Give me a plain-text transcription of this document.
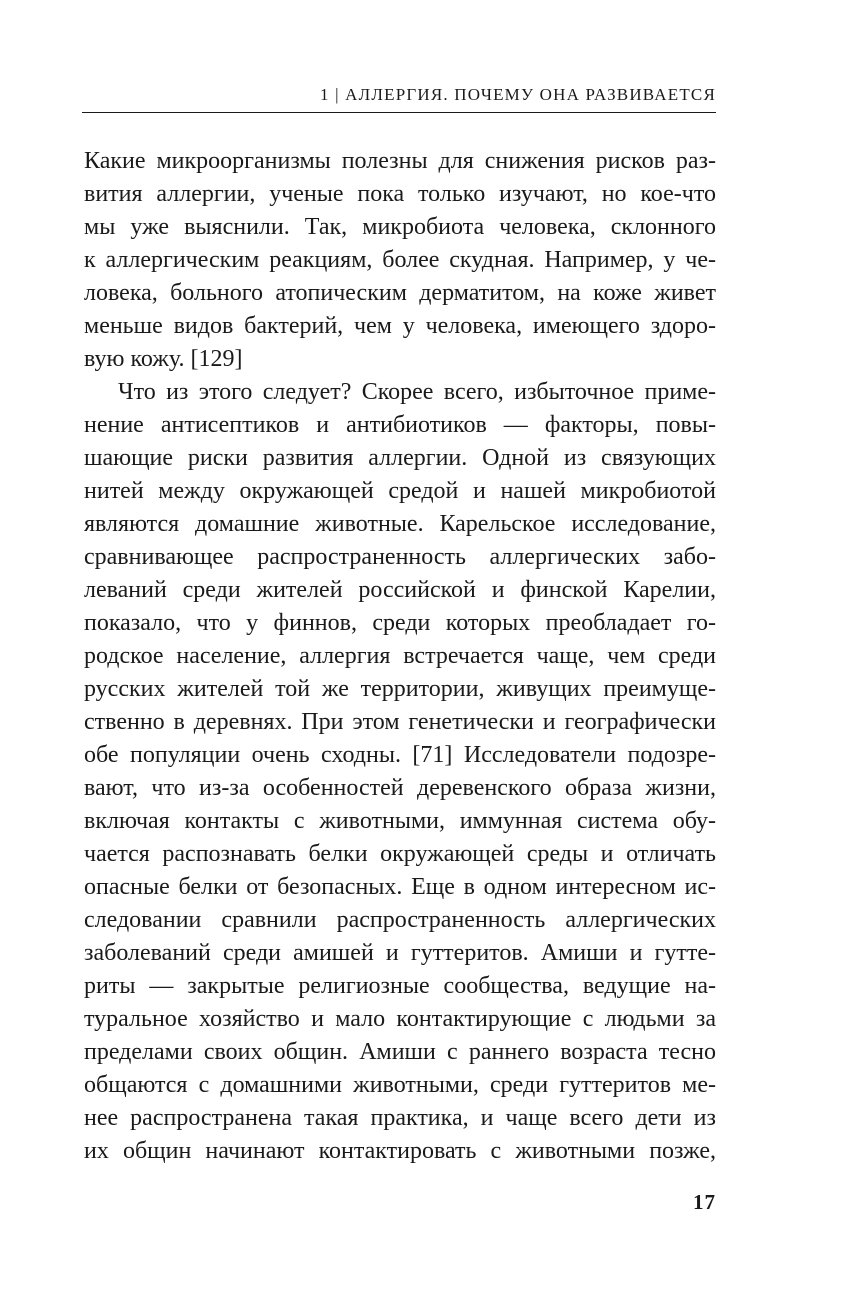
1 | АЛЛЕРГИЯ. ПОЧЕМУ ОНА РАЗВИВАЕТСЯ

Какие микроорганизмы полезны для снижения рисков раз-
вития аллергии, ученые пока только изучают, но кое-что
мы уже выяснили. Так, микробиота человека, склонного
к аллергическим реакциям, более скудная. Например, у че-
ловека, больного атопическим дерматитом, на коже живет
меньше видов бактерий, чем у человека, имеющего здоро-
вую кожу. [129]

Что из этого следует? Скорее всего, избыточное приме-
нение антисептиков и антибиотиков — факторы, повы-
шающие риски развития аллергии. Одной из связующих
нитей между окружающей средой и нашей микробиотой
являются домашние животные. Карельское исследование,
сравнивающее распространенность аллергических забо-
леваний среди жителей российской и финской Карелии,
показало, что у финнов, среди которых преобладает го-
родское население, аллергия встречается чаще, чем среди
русских жителей той же территории, живущих преимуще-
ственно в деревнях. При этом генетически и географически
обе популяции очень сходны. [71] Исследователи подозре-
вают, что из-за особенностей деревенского образа жизни,
включая контакты с животными, иммунная система обу-
чается распознавать белки окружающей среды и отличать
опасные белки от безопасных. Еще в одном интересном ис-
следовании сравнили распространенность аллергических
заболеваний среди амишей и гуттеритов. Амиши и гутте-
риты — закрытые религиозные сообщества, ведущие на-
туральное хозяйство и мало контактирующие с людьми за
пределами своих общин. Амиши с раннего возраста тесно
общаются с домашними животными, среди гуттеритов ме-
нее распространена такая практика, и чаще всего дети из
их общин начинают контактировать с животными позже,

17
